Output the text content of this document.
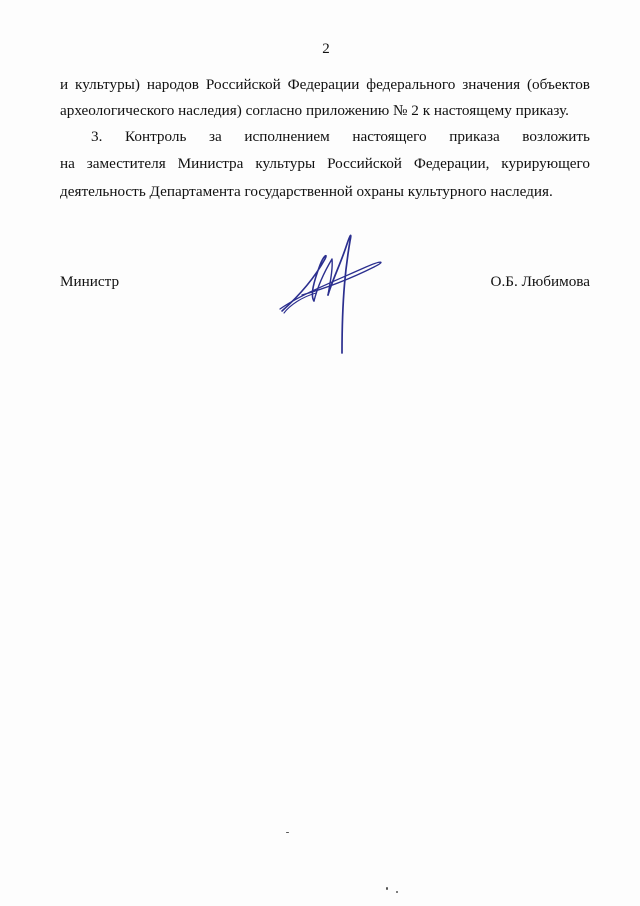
2
и культуры) народов Российской Федерации федерального значения (объектов
археологического наследия) согласно приложению № 2 к настоящему приказу.
3. Контроль за исполнением настоящего приказа возложить
на заместителя Министра культуры Российской Федерации, курирующего
деятельность Департамента государственной охраны культурного наследия.
Министр	О.Б. Любимова
